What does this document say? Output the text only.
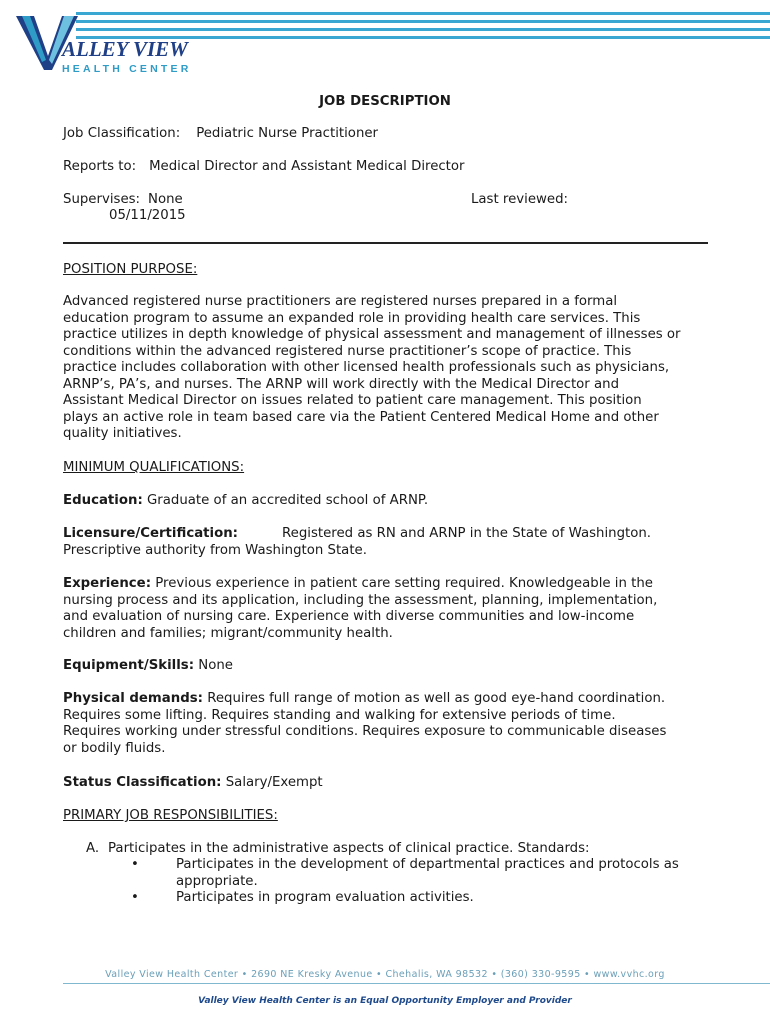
ALLEY VIEW
HEALTH CENTER
JOB DESCRIPTION
Job Classification: Pediatric Nurse Practitioner
Reports to: Medical Director and Assistant Medical Director
Supervises: None	Last reviewed:
05/11/2015
POSITION PURPOSE:
Advanced registered nurse practitioners are registered nurses prepared in a formal
education program to assume an expanded role in providing health care services. This
practice utilizes in depth knowledge of physical assessment and management of illnesses or
conditions within the advanced registered nurse practitioner’s scope of practice. This
practice includes collaboration with other licensed health professionals such as physicians,
ARNP’s, PA’s, and nurses. The ARNP will work directly with the Medical Director and
Assistant Medical Director on issues related to patient care management. This position
plays an active role in team based care via the Patient Centered Medical Home and other
quality initiatives.
MINIMUM QUALIFICATIONS:
Education: Graduate of an accredited school of ARNP.
Licensure/Certification:	Registered as RN and ARNP in the State of Washington.
Prescriptive authority from Washington State.
Experience: Previous experience in patient care setting required. Knowledgeable in the
nursing process and its application, including the assessment, planning, implementation,
and evaluation of nursing care. Experience with diverse communities and low-income
children and families; migrant/community health.
Equipment/Skills: None
Physical demands: Requires full range of motion as well as good eye-hand coordination.
Requires some lifting. Requires standing and walking for extensive periods of time.
Requires working under stressful conditions. Requires exposure to communicable diseases
or bodily fluids.
Status Classification: Salary/Exempt
PRIMARY JOB RESPONSIBILITIES:
A. Participates in the administrative aspects of clinical practice. Standards:
•	Participates in the development of departmental practices and protocols as
appropriate.
•	Participates in program evaluation activities.
Valley View Health Center • 2690 NE Kresky Avenue • Chehalis, WA 98532 • (360) 330-9595 • www.vvhc.org
Valley View Health Center is an Equal Opportunity Employer and Provider
